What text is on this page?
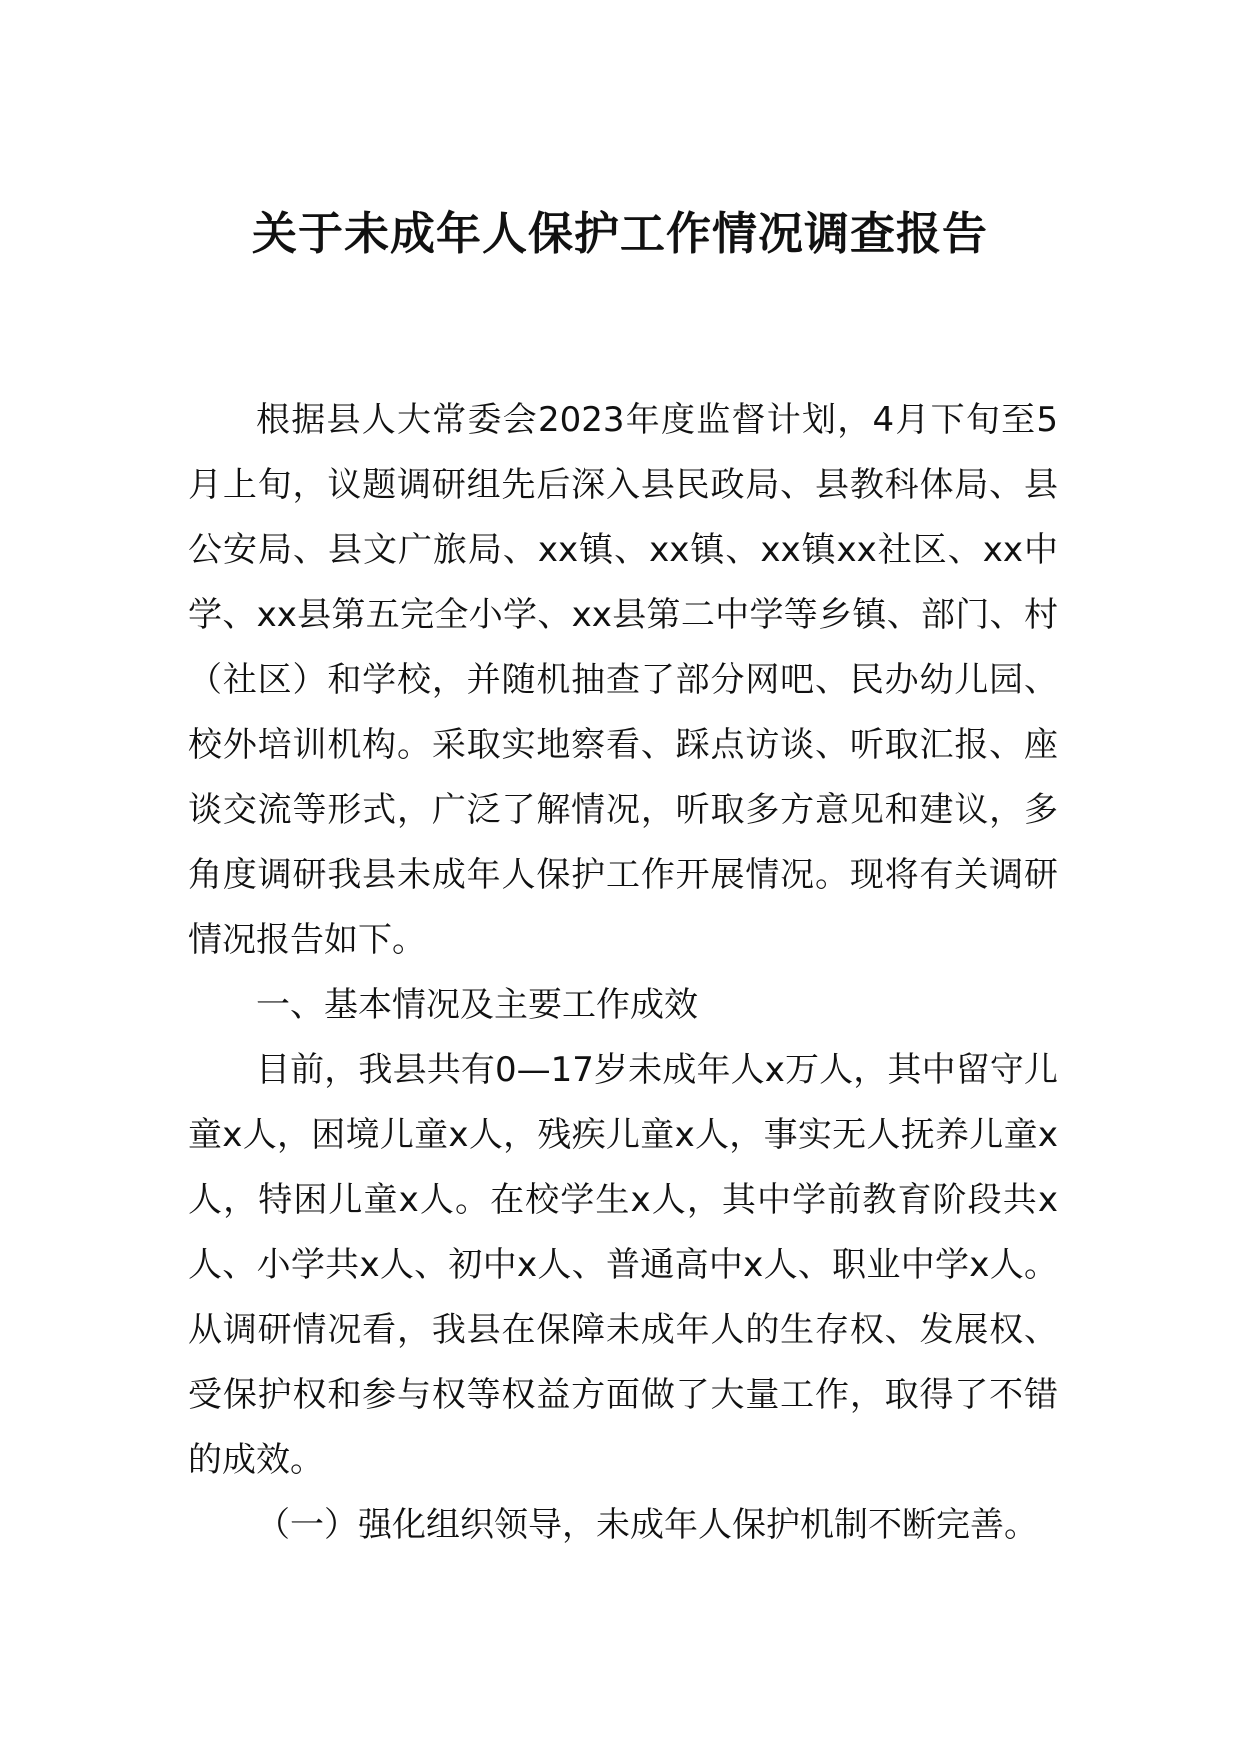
关于未成年人保护工作情况调查报告

根据县人大常委会2023年度监督计划，4月下旬至5月上旬，议题调研组先后深入县民政局、县教科体局、县公安局、县文广旅局、xx镇、xx镇、xx镇xx社区、xx中学、xx县第五完全小学、xx县第二中学等乡镇、部门、村（社区）和学校，并随机抽查了部分网吧、民办幼儿园、校外培训机构。采取实地察看、踩点访谈、听取汇报、座谈交流等形式，广泛了解情况，听取多方意见和建议，多角度调研我县未成年人保护工作开展情况。现将有关调研情况报告如下。

一、基本情况及主要工作成效

目前，我县共有0—17岁未成年人x万人，其中留守儿童x人，困境儿童x人，残疾儿童x人，事实无人抚养儿童x人，特困儿童x人。在校学生x人，其中学前教育阶段共x人、小学共x人、初中x人、普通高中x人、职业中学x人。从调研情况看，我县在保障未成年人的生存权、发展权、受保护权和参与权等权益方面做了大量工作，取得了不错的成效。

（一）强化组织领导，未成年人保护机制不断完善。
